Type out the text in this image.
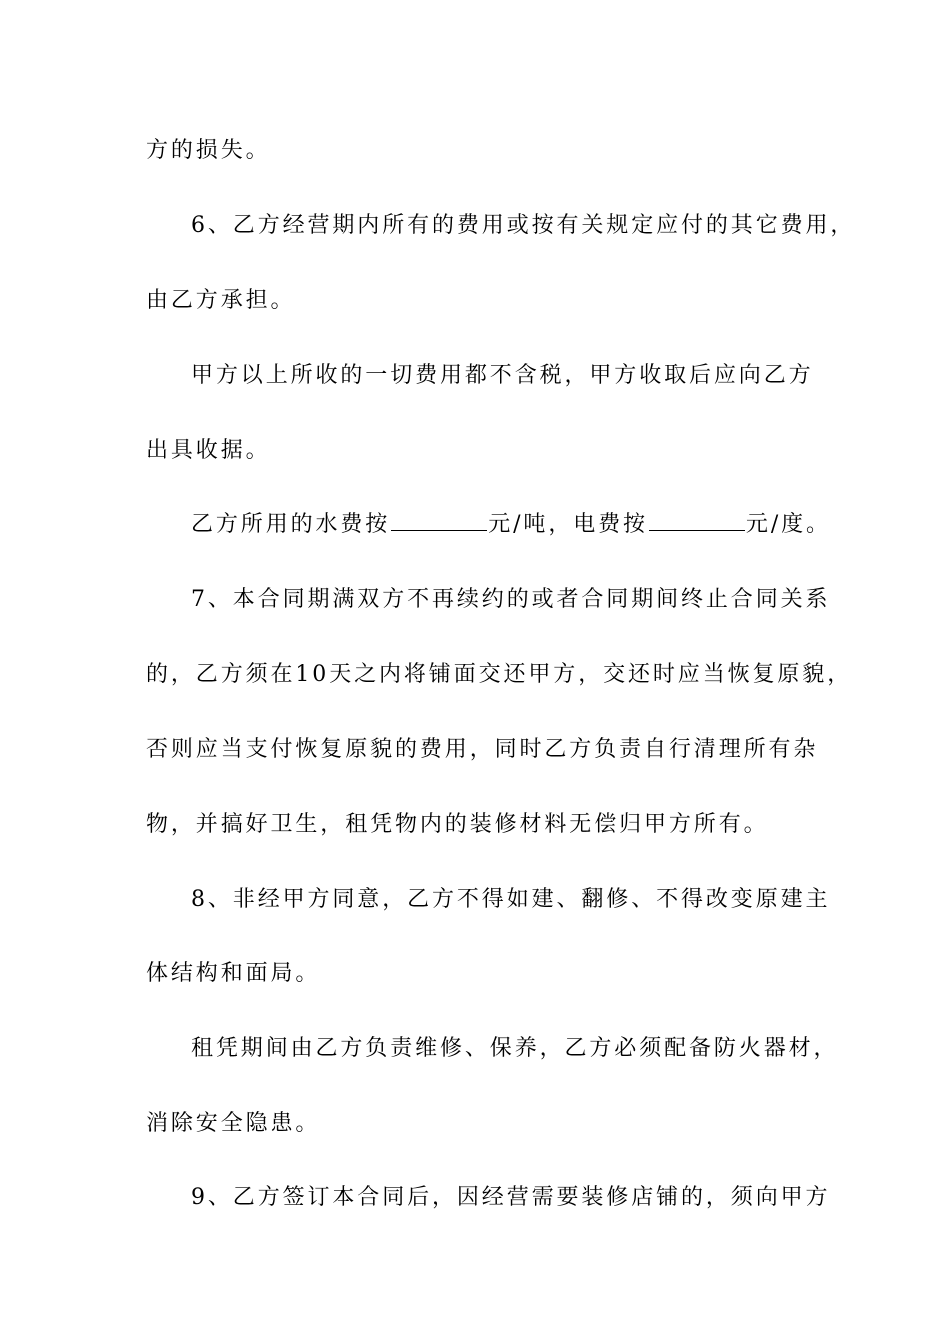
方的损失。
6、乙方经营期内所有的费用或按有关规定应付的其它费用，
由乙方承担。
甲方以上所收的一切费用都不含税，甲方收取后应向乙方
出具收据。
乙方所用的水费按	元/吨，电费按	元/度。
7、本合同期满双方不再续约的或者合同期间终止合同关系
的，乙方须在10天之内将铺面交还甲方，交还时应当恢复原貌，
否则应当支付恢复原貌的费用，同时乙方负责自行清理所有杂
物，并搞好卫生，租凭物内的装修材料无偿归甲方所有。
8、非经甲方同意，乙方不得如建、翻修、不得改变原建主
体结构和面局。
租凭期间由乙方负责维修、保养，乙方必须配备防火器材，
消除安全隐患。
9、乙方签订本合同后，因经营需要装修店铺的，须向甲方
